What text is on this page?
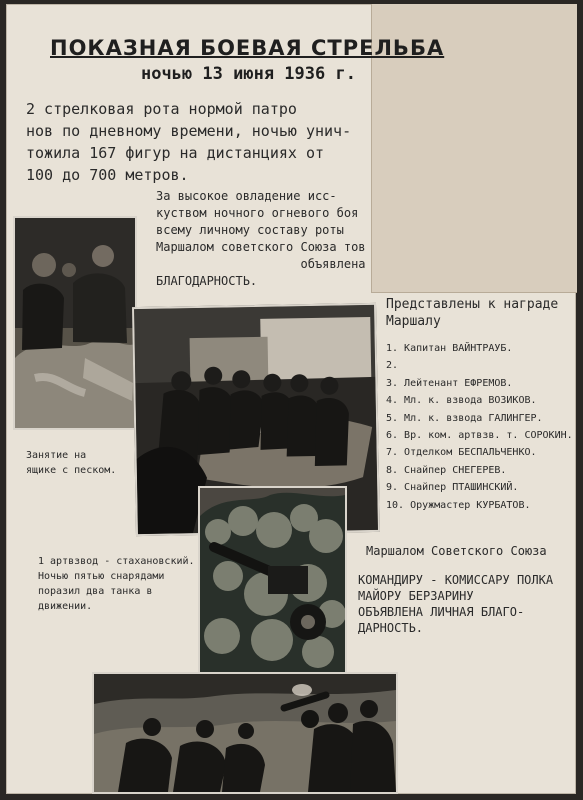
ПОКАЗНАЯ БОЕВАЯ СТРЕЛЬБА
ночью 13 июня 1936 г.
2 стрелковая рота нормой патро
нов по дневному времени, ночью унич-
тожила 167 фигур на дистанциях от
100 до 700 метров.
За высокое овладение исс-
куством ночного огневого боя
всему личному составу роты
Маршалом советского Союза тов
объявлена
БЛАГОДАРНОСТЬ.
Представлены к награде
Маршалу
1. Капитан ВАЙНТРАУБ.
2.
3. Лейтенант ЕФРЕМОВ.
4. Мл. к. взвода ВОЗИКОВ.
5. Мл. к. взвода ГАЛИНГЕР.
6. Вр. ком. артвзв. т. СОРОКИН.
7. Отделком БЕСПАЛЬЧЕНКО.
8. Снайпер СНЕГЕРЕВ.
9. Снайпер ПТАШИНСКИЙ.
10. Оружмастер КУРБАТОВ.
Занятие на
ящике с песком.
1 артвзвод - стахановский.
Ночью пятью снарядами
поразил два танка в
движении.
Маршалом Советского Союза
КОМАНДИРУ - КОМИССАРУ ПОЛКА
МАЙОРУ БЕРЗАРИНУ
ОБЪЯВЛЕНА ЛИЧНАЯ БЛАГО-
ДАРНОСТЬ.
